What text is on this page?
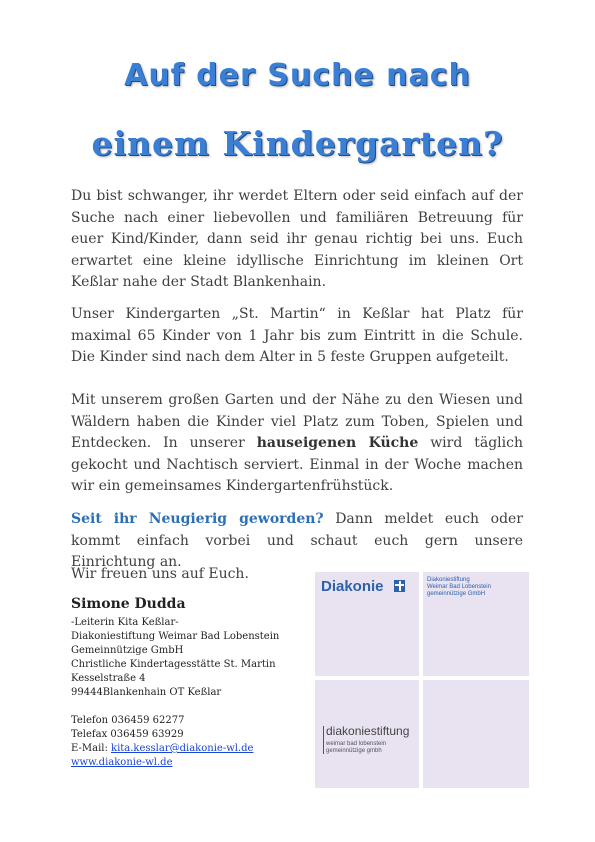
Auf der Suche nach
einem Kindergarten?

Du bist schwanger, ihr werdet Eltern oder seid einfach auf der Suche nach einer liebevollen und familiären Betreuung für euer Kind/Kinder, dann seid ihr genau richtig bei uns. Euch erwartet eine kleine idyllische Einrichtung im kleinen Ort Keßlar nahe der Stadt Blankenhain.

Unser Kindergarten „St. Martin“ in Keßlar hat Platz für maximal 65 Kinder von 1 Jahr bis zum Eintritt in die Schule. Die Kinder sind nach dem Alter in 5 feste Gruppen aufgeteilt.

Mit unserem großen Garten und der Nähe zu den Wiesen und Wäldern haben die Kinder viel Platz zum Toben, Spielen und Entdecken. In unserer hauseigenen Küche wird täglich gekocht und Nachtisch serviert. Einmal in der Woche machen wir ein gemeinsames Kindergartenfrühstück.

Seit ihr Neugierig geworden? Dann meldet euch oder kommt einfach vorbei und schaut euch gern unsere Einrichtung an.

Wir freuen uns auf Euch.

Simone Dudda
-Leiterin Kita Keßlar-
Diakoniestiftung Weimar Bad Lobenstein
Gemeinnützige GmbH
Christliche Kindertagesstätte St. Martin
Kesselstraße 4
99444Blankenhain OT Keßlar
Telefon 036459 62277
Telefax 036459 63929
E-Mail: kita.kesslar@diakonie-wl.de
www.diakonie-wl.de
Diakonie	Diakoniestiftung
Weimar Bad Lobenstein
gemeinnützige GmbH
diakoniestiftung
weimar bad lobenstein
gemeinnützige gmbh
